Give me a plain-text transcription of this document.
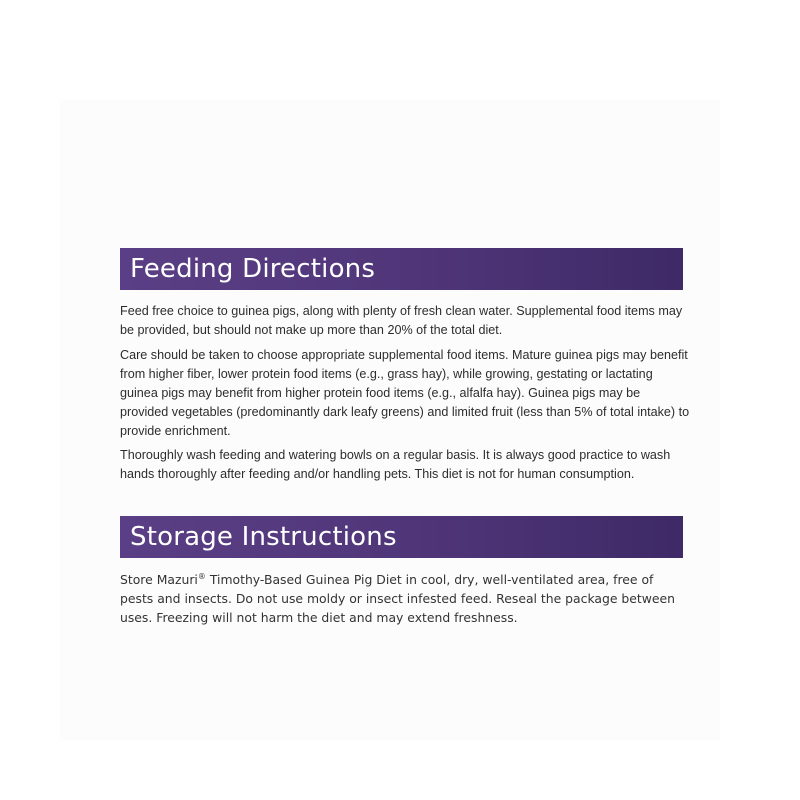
Feeding Directions

Feed free choice to guinea pigs, along with plenty of fresh clean water. Supplemental food items may be provided, but should not make up more than 20% of the total diet.

Care should be taken to choose appropriate supplemental food items. Mature guinea pigs may benefit from higher fiber, lower protein food items (e.g., grass hay), while growing, gestating or lactating guinea pigs may benefit from higher protein food items (e.g., alfalfa hay). Guinea pigs may be provided vegetables (predominantly dark leafy greens) and limited fruit (less than 5% of total intake) to provide enrichment.

Thoroughly wash feeding and watering bowls on a regular basis. It is always good practice to wash hands thoroughly after feeding and/or handling pets. This diet is not for human consumption.

Storage Instructions

Store Mazuri® Timothy-Based Guinea Pig Diet in cool, dry, well-ventilated area, free of pests and insects. Do not use moldy or insect infested feed. Reseal the package between uses. Freezing will not harm the diet and may extend freshness.
